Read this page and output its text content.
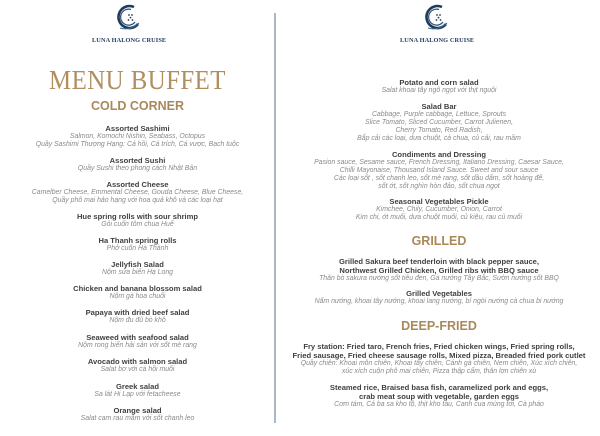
LUNA HALONG CRUISE
MENU BUFFET
COLD CORNER
Assorted Sashimi
Salmon, Komochi Nishin, Seabass, Octopus
Quầy Sashimi Thượng Hạng: Cá hồi, Cá trích, Cá vược, Bạch tuộc
Assorted Sushi
Quầy Sushi theo phong cách Nhật Bản
Assorted Cheese
Camelber Cheese, Emmental Cheese, Gouda Cheese, Blue Cheese,
Quầy phô mai hảo hạng với hoa quả khô và các loại hạt
Hue spring rolls with sour shrimp
Gỏi cuốn tôm chua Huế
Ha Thanh spring rolls
Phở cuốn Hà Thành
Jellyfish Salad
Nộm sứa biển Hạ Long
Chicken and banana blossom salad
Nộm gà hoa chuối
Papaya with dried beef salad
Nộm đu đủ bò khô
Seaweed with seafood salad
Nộm rong biển hải sản với sốt mè rang
Avocado with salmon salad
Salat bơ với cá hồi muối
Greek salad
Sa lát Hi Lạp với fetacheese
Orange salad
Salat cam rau mầm với sốt chanh leo
LUNA HALONG CRUISE
Potato and corn salad
Salat khoai tây ngô ngọt với thịt nguội
Salad Bar
Cabbage, Purple cabbage, Lettuce, Sprouts
Slice Tomato, Sliced Cucumber, Carrot Julienen,
Cherry Tomato, Red Radish,
Bắp cải các loại, dưa chuột, cà chua, củ cải, rau mầm
Condiments and Dressing
Pasion sauce, Sesame sauce, French Dressing, Italiano Dressing, Caesar Sauce,
Chilli Mayonaise, Thousand Island Sauce. Sweet and sour sauce
Các loại sốt , sốt chanh leo, sốt mè rang, sốt dầu dấm, sốt hoàng đế,
sốt ớt, sốt nghìn hòn đảo, sốt chua ngọt
Seasonal Vegetables Pickle
Kimchee, Chily, Cucumber, Onion, Carrot
Kim chi, ớt muối, dưa chuột muối, củ kiệu, rau củ muối
GRILLED
Grilled Sakura beef tenderloin with black pepper sauce,
Northwest Grilled Chicken, Grilled ribs with BBQ sauce
Thăn bò sakura nướng sốt tiêu đen, Gà nướng Tây Bắc, Sườn nướng sốt BBQ
Grilled Vegetables
Nấm nướng, khoai tây nướng, khoai lang nướng, bí ngòi nướng cà chua bi nướng
DEEP-FRIED
Fry station: Fried taro, French fries, Fried chicken wings, Fried spring rolls,
Fried sausage, Fried cheese sausage rolls, Mixed pizza, Breaded fried pork cutlet
Quầy chiên: Khoai môn chiên, Khoai tây chiên, Cánh gà chiên, Nem chiên, Xúc xích chiên,
xúc xích cuộn phô mai chiên, Pizza thập cẩm, thăn lợn chiên xù
Steamed rice, Braised basa fish, caramelized pork and eggs,
crab meat soup with vegetable, garden eggs
Cơm tám, Cá ba sa kho tộ, thịt kho tàu, Canh cua mùng tơi, Cà pháo
